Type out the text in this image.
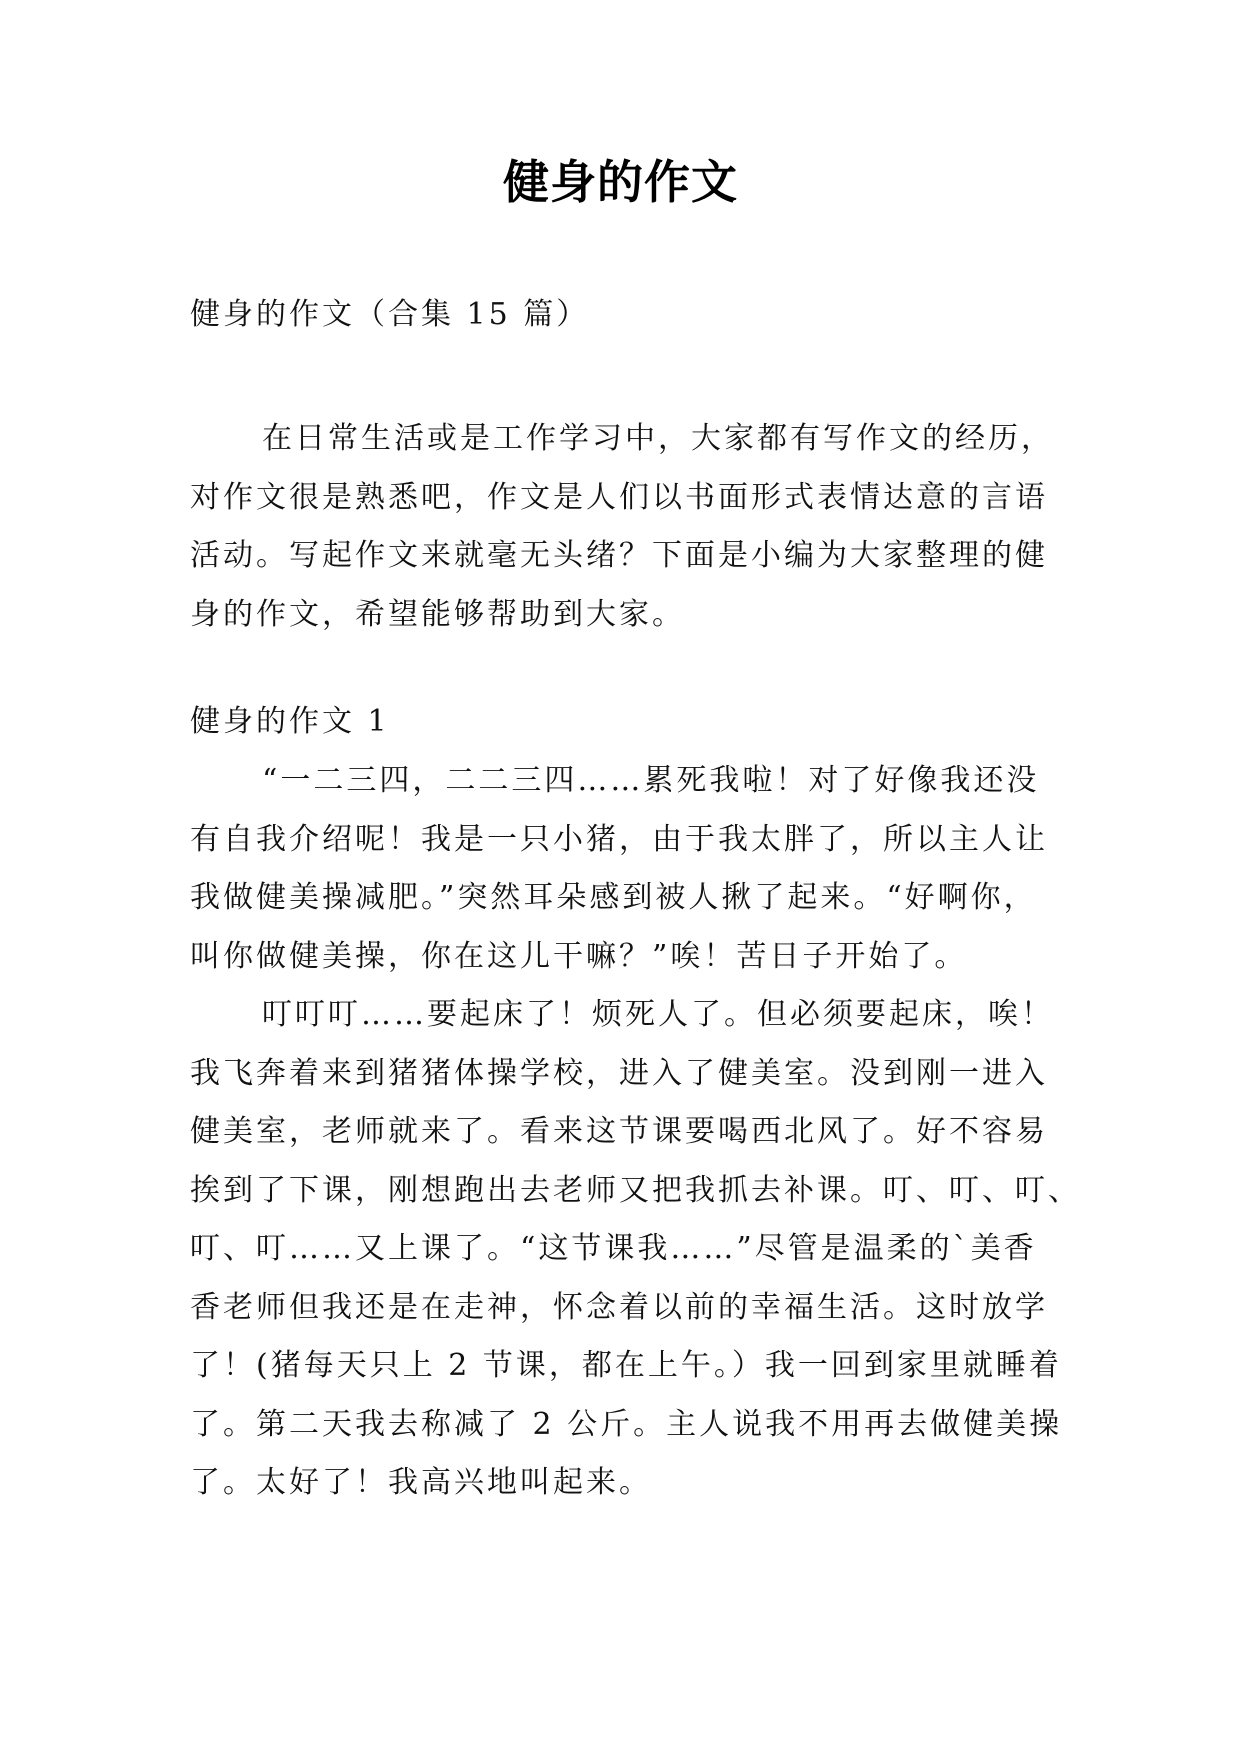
健身的作文
健身的作文（合集 15 篇）
在日常生活或是工作学习中，大家都有写作文的经历，
对作文很是熟悉吧，作文是人们以书面形式表情达意的言语
活动。写起作文来就毫无头绪？下面是小编为大家整理的健
身的作文，希望能够帮助到大家。
健身的作文 1
“一二三四，二二三四……累死我啦！对了好像我还没
有自我介绍呢！我是一只小猪，由于我太胖了，所以主人让
我做健美操减肥。”突然耳朵感到被人揪了起来。“好啊你，
叫你做健美操，你在这儿干嘛？”唉！苦日子开始了。
叮叮叮……要起床了！烦死人了。但必须要起床，唉！
我飞奔着来到猪猪体操学校，进入了健美室。没到刚一进入
健美室，老师就来了。看来这节课要喝西北风了。好不容易
挨到了下课，刚想跑出去老师又把我抓去补课。叮、叮、叮、
叮、叮……又上课了。“这节课我……”尽管是温柔的`美香
香老师但我还是在走神，怀念着以前的幸福生活。这时放学
了！(猪每天只上 2 节课，都在上午。）我一回到家里就睡着
了。第二天我去称减了 2 公斤。主人说我不用再去做健美操
了。太好了！我高兴地叫起来。
